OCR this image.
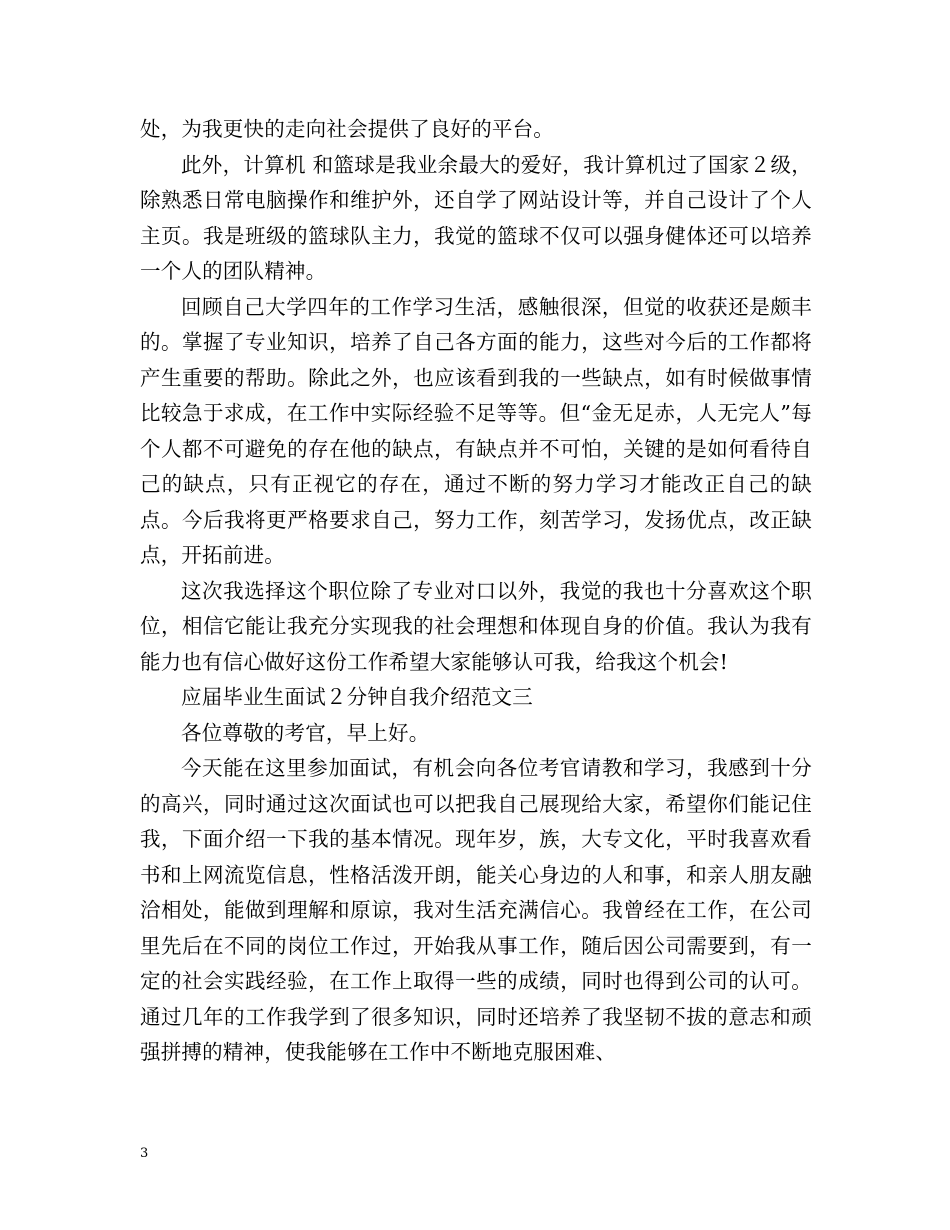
处，为我更快的走向社会提供了良好的平台。

此外，计算机 和篮球是我业余最大的爱好，我计算机过了国家２级，除熟悉日常电脑操作和维护外，还自学了网站设计等，并自己设计了个人主页。我是班级的篮球队主力，我觉的篮球不仅可以强身健体还可以培养一个人的团队精神。

回顾自己大学四年的工作学习生活，感触很深，但觉的收获还是颇丰的。掌握了专业知识，培养了自己各方面的能力，这些对今后的工作都将产生重要的帮助。除此之外，也应该看到我的一些缺点，如有时候做事情比较急于求成，在工作中实际经验不足等等。但“金无足赤，人无完人”每个人都不可避免的存在他的缺点，有缺点并不可怕，关键的是如何看待自己的缺点，只有正视它的存在，通过不断的努力学习才能改正自己的缺点。今后我将更严格要求自己，努力工作，刻苦学习，发扬优点，改正缺点，开拓前进。

这次我选择这个职位除了专业对口以外，我觉的我也十分喜欢这个职位，相信它能让我充分实现我的社会理想和体现自身的价值。我认为我有能力也有信心做好这份工作希望大家能够认可我，给我这个机会!

应届毕业生面试２分钟自我介绍范文三

各位尊敬的考官，早上好。

今天能在这里参加面试，有机会向各位考官请教和学习，我感到十分的高兴，同时通过这次面试也可以把我自己展现给大家，希望你们能记住我，下面介绍一下我的基本情况。现年岁，族，大专文化，平时我喜欢看书和上网流览信息，性格活泼开朗，能关心身边的人和事，和亲人朋友融洽相处，能做到理解和原谅，我对生活充满信心。我曾经在工作，在公司里先后在不同的岗位工作过，开始我从事工作，随后因公司需要到，有一定的社会实践经验，在工作上取得一些的成绩，同时也得到公司的认可。通过几年的工作我学到了很多知识，同时还培养了我坚韧不拔的意志和顽强拼搏的精神，使我能够在工作中不断地克服困难、

3
